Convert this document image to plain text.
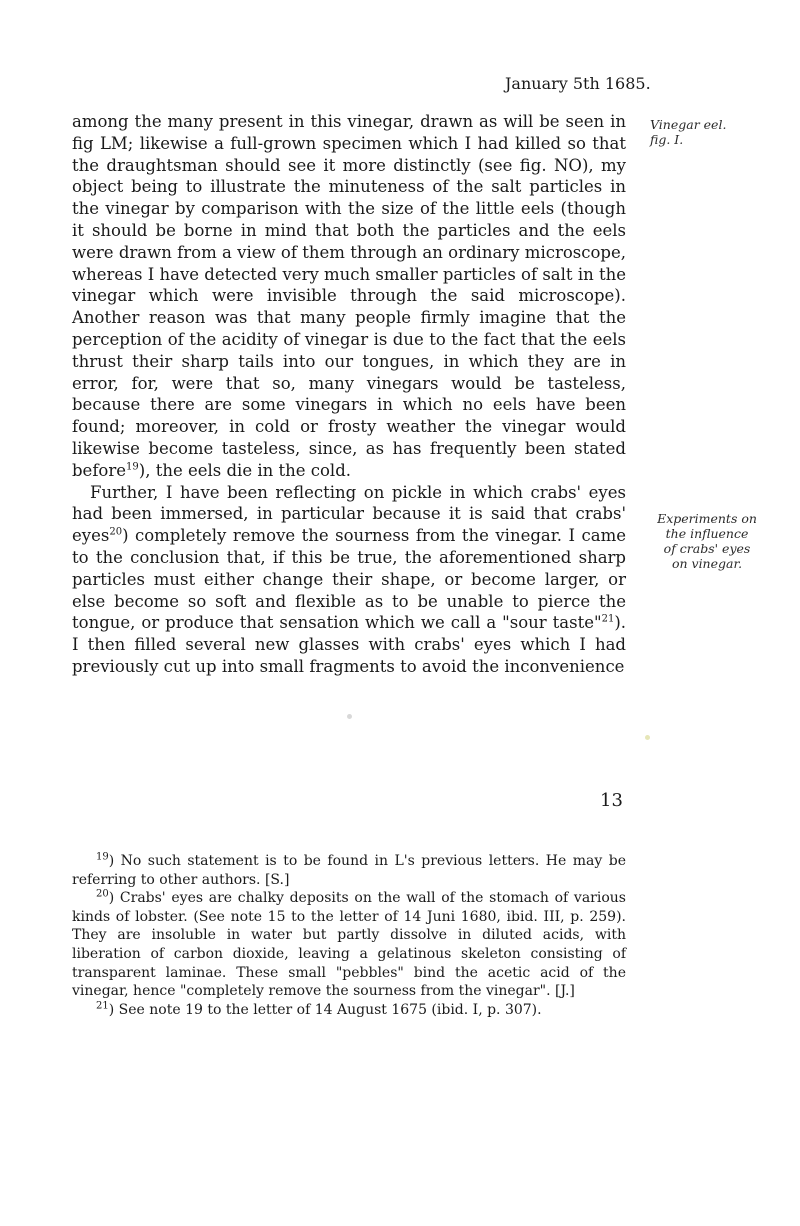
January 5th 1685.

among the many present in this vinegar, drawn as will be seen in fig LM; likewise a full-grown specimen which I had killed so that the draughtsman should see it more distinctly (see fig. NO), my object being to illustrate the minuteness of the salt particles in the vinegar by comparison with the size of the little eels (though it should be borne in mind that both the particles and the eels were drawn from a view of them through an ordinary microscope, whereas I have detected very much smaller particles of salt in the vinegar which were invisible through the said microscope). Another reason was that many people firmly imagine that the perception of the acidity of vinegar is due to the fact that the eels thrust their sharp tails into our tongues, in which they are in error, for, were that so, many vinegars would be tasteless, because there are some vinegars in which no eels have been found; moreover, in cold or frosty weather the vinegar would likewise become tasteless, since, as has frequently been stated before$^{19}$), the eels die in the cold.

Further, I have been reflecting on pickle in which crabs' eyes had been immersed, in particular because it is said that crabs' eyes$^{20}$) completely remove the sourness from the vinegar. I came to the conclusion that, if this be true, the aforementioned sharp particles must either change their shape, or become larger, or else become so soft and flexible as to be unable to pierce the tongue, or produce that sensation which we call a "sour taste"$^{21}$). I then filled several new glasses with crabs' eyes which I had previously cut up into small fragments to avoid the inconvenience

Vinegar eel.
fig. I.
Experiments on
the influence
of crabs' eyes
on vinegar.

$^{19}$) No such statement is to be found in L's previous letters. He may be referring to other authors. [S.]

$^{20}$) Crabs' eyes are chalky deposits on the wall of the stomach of various kinds of lobster. (See note 15 to the letter of 14 Juni 1680, ibid. III, p. 259). They are insoluble in water but partly dissolve in diluted acids, with liberation of carbon dioxide, leaving a gelatinous skeleton consisting of transparent laminae. These small "pebbles" bind the acetic acid of the vinegar, hence "completely remove the sourness from the vinegar". [J.]

$^{21}$) See note 19 to the letter of 14 August 1675 (ibid. I, p. 307).

13
